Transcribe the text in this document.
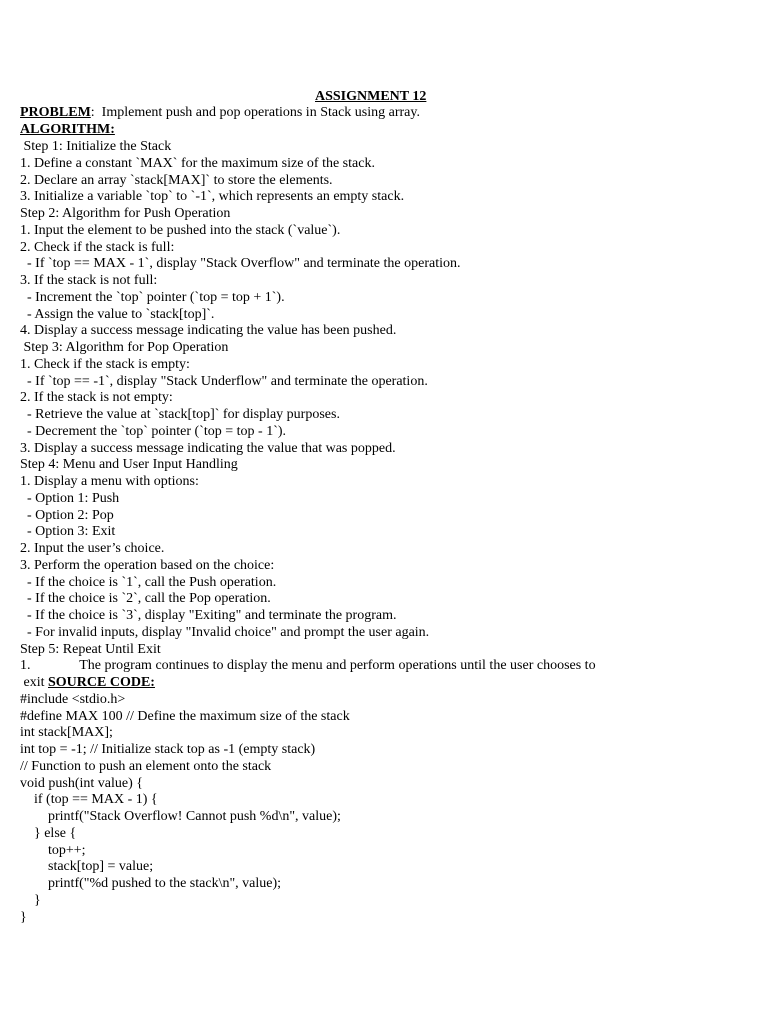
ASSIGNMENT 12
PROBLEM:  Implement push and pop operations in Stack using array.
ALGORITHM:
Step 1: Initialize the Stack
1. Define a constant `MAX` for the maximum size of the stack.
2. Declare an array `stack[MAX]` to store the elements.
3. Initialize a variable `top` to `-1`, which represents an empty stack.
Step 2: Algorithm for Push Operation
1. Input the element to be pushed into the stack (`value`).
2. Check if the stack is full:
- If `top == MAX - 1`, display "Stack Overflow" and terminate the operation.
3. If the stack is not full:
- Increment the `top` pointer (`top = top + 1`).
- Assign the value to `stack[top]`.
4. Display a success message indicating the value has been pushed.
Step 3: Algorithm for Pop Operation
1. Check if the stack is empty:
- If `top == -1`, display "Stack Underflow" and terminate the operation.
2. If the stack is not empty:
- Retrieve the value at `stack[top]` for display purposes.
- Decrement the `top` pointer (`top = top - 1`).
3. Display a success message indicating the value that was popped.
Step 4: Menu and User Input Handling
1. Display a menu with options:
- Option 1: Push
- Option 2: Pop
- Option 3: Exit
2. Input the user’s choice.
3. Perform the operation based on the choice:
- If the choice is `1`, call the Push operation.
- If the choice is `2`, call the Pop operation.
- If the choice is `3`, display "Exiting" and terminate the program.
- For invalid inputs, display "Invalid choice" and prompt the user again.
Step 5: Repeat Until Exit
1.              The program continues to display the menu and perform operations until the user chooses to
exit SOURCE CODE:
#include <stdio.h>
#define MAX 100 // Define the maximum size of the stack
int stack[MAX];
int top = -1; // Initialize stack top as -1 (empty stack)
// Function to push an element onto the stack
void push(int value) {
if (top == MAX - 1) {
printf("Stack Overflow! Cannot push %d\n", value);
} else {
top++;
stack[top] = value;
printf("%d pushed to the stack\n", value);
}
}
